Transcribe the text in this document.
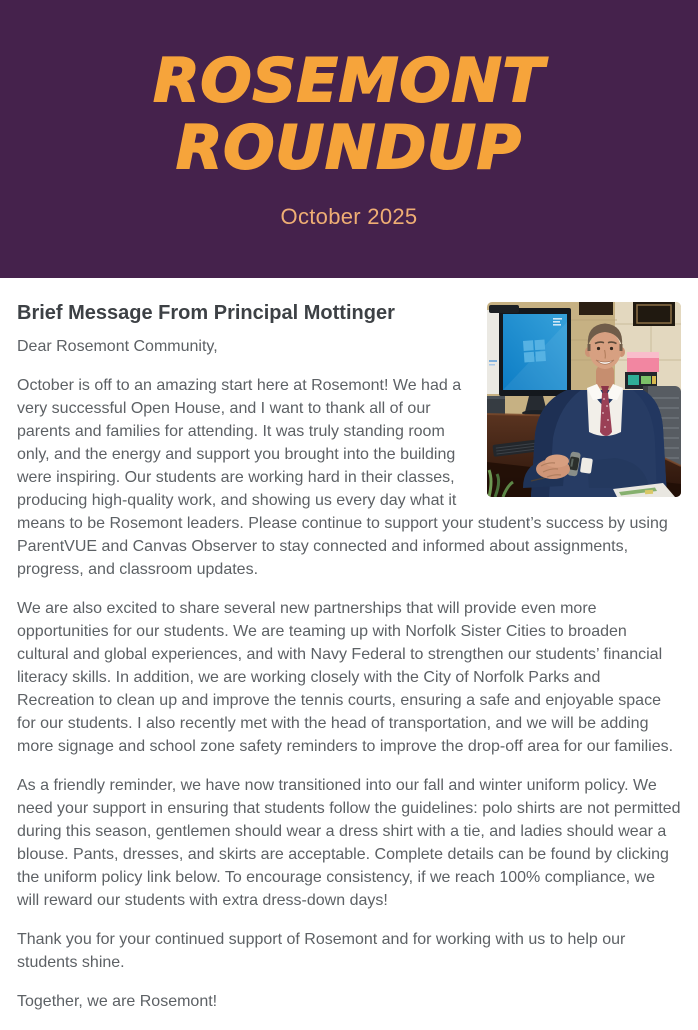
ROSEMONT
ROUNDUP
October 2025
Brief Message From Principal Mottinger

Dear Rosemont Community,

October is off to an amazing start here at Rosemont! We had a very successful Open House, and I want to thank all of our parents and families for attending. It was truly standing room only, and the energy and support you brought into the building were inspiring. Our students are working hard in their classes, producing high-quality work, and showing us every day what it means to be Rosemont leaders. Please continue to support your student’s success by using ParentVUE and Canvas Observer to stay connected and informed about assignments, progress, and classroom updates.

We are also excited to share several new partnerships that will provide even more opportunities for our students. We are teaming up with Norfolk Sister Cities to broaden cultural and global experiences, and with Navy Federal to strengthen our students’ financial literacy skills. In addition, we are working closely with the City of Norfolk Parks and Recreation to clean up and improve the tennis courts, ensuring a safe and enjoyable space for our students. I also recently met with the head of transportation, and we will be adding more signage and school zone safety reminders to improve the drop-off area for our families.

As a friendly reminder, we have now transitioned into our fall and winter uniform policy. We need your support in ensuring that students follow the guidelines: polo shirts are not permitted during this season, gentlemen should wear a dress shirt with a tie, and ladies should wear a blouse. Pants, dresses, and skirts are acceptable. Complete details can be found by clicking the uniform policy link below. To encourage consistency, if we reach 100% compliance, we will reward our students with extra dress-down days!

Thank you for your continued support of Rosemont and for working with us to help our students shine.

Together, we are Rosemont!
